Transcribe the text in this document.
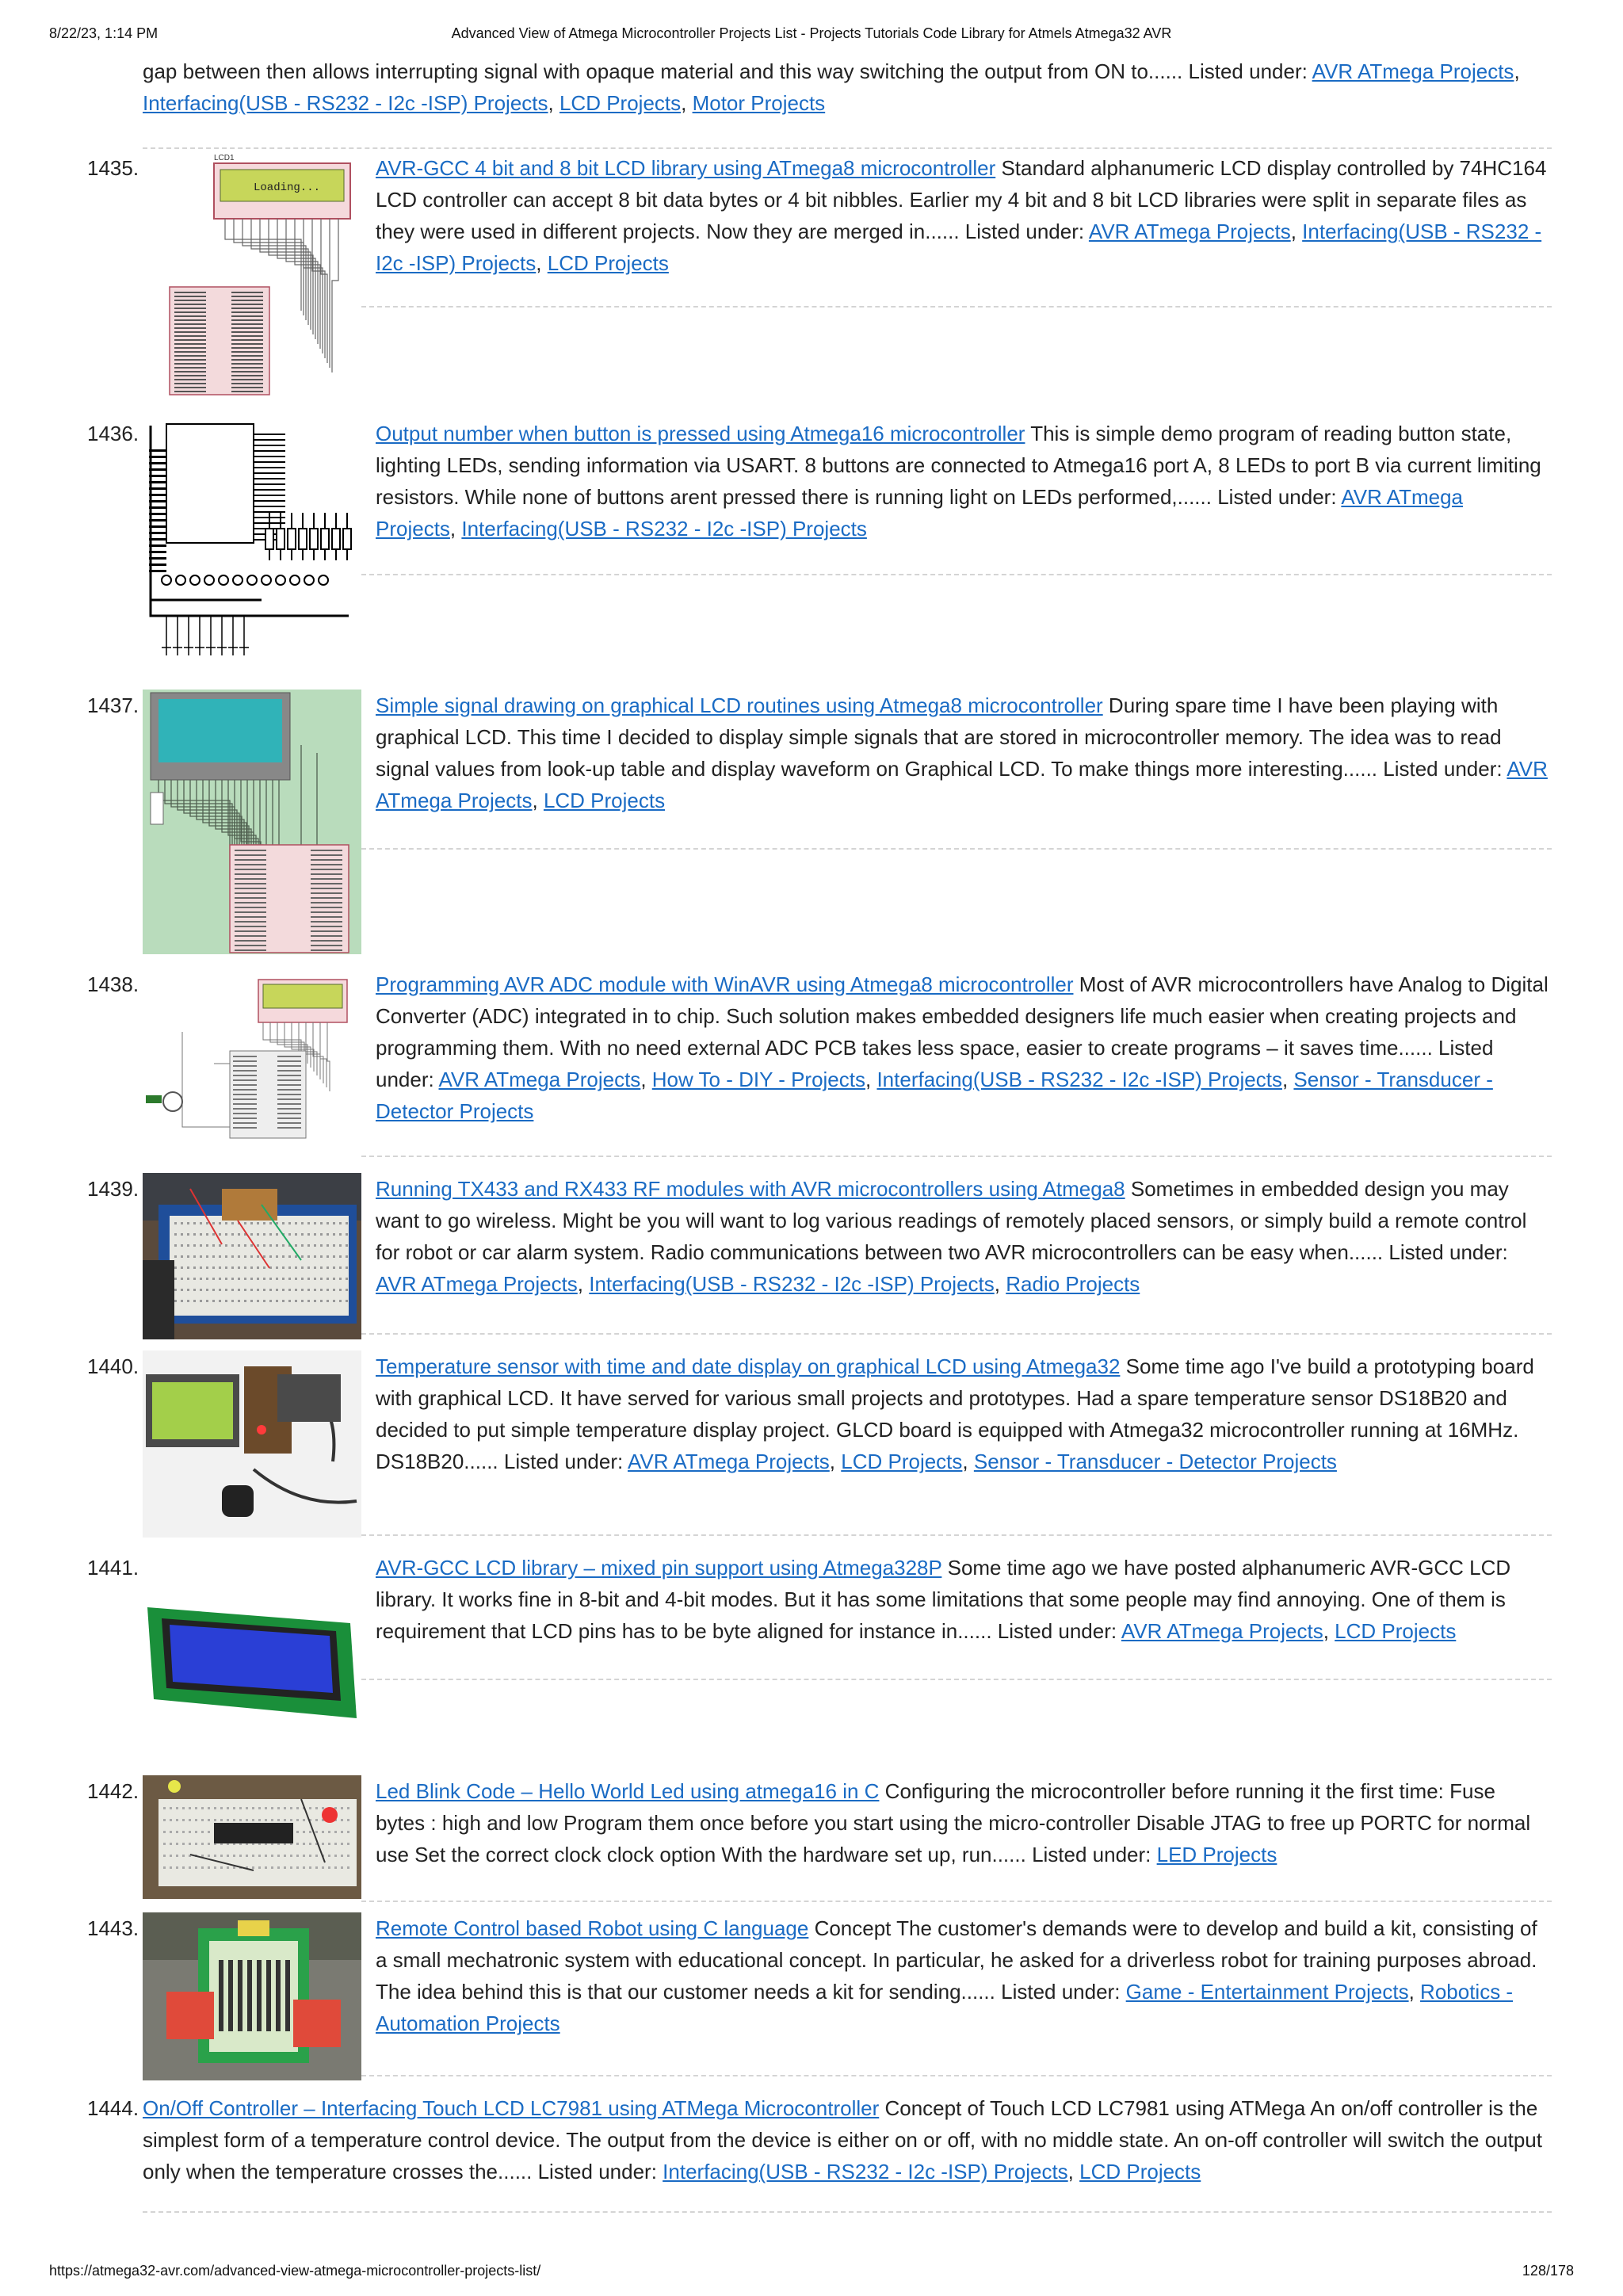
8/22/23, 1:14 PM	Advanced View of Atmega Microcontroller Projects List - Projects Tutorials Code Library for Atmels Atmega32 AVR
gap between then allows interrupting signal with opaque material and this way switching the output from ON to...... Listed under: AVR ATmega Projects, Interfacing(USB - RS232 - I2c -ISP) Projects, LCD Projects, Motor Projects
1435.	LCD1
Loading...
AVR-GCC 4 bit and 8 bit LCD library using ATmega8 microcontroller Standard alphanumeric LCD display controlled by 74HC164 LCD controller can accept 8 bit data bytes or 4 bit nibbles. Earlier my 4 bit and 8 bit LCD libraries were split in separate files as they were used in different projects. Now they are merged in...... Listed under: AVR ATmega Projects, Interfacing(USB - RS232 - I2c -ISP) Projects, LCD Projects
1436.	Output number when button is pressed using Atmega16 microcontroller This is simple demo program of reading button state, lighting LEDs, sending information via USART. 8 buttons are connected to Atmega16 port A, 8 LEDs to port B via current limiting resistors. While none of buttons arent pressed there is running light on LEDs performed,...... Listed under: AVR ATmega Projects, Interfacing(USB - RS232 - I2c -ISP) Projects
1437.	Simple signal drawing on graphical LCD routines using Atmega8 microcontroller During spare time I have been playing with graphical LCD. This time I decided to display simple signals that are stored in microcontroller memory. The idea was to read signal values from look-up table and display waveform on Graphical LCD. To make things more interesting...... Listed under: AVR ATmega Projects, LCD Projects
1438.	Programming AVR ADC module with WinAVR using Atmega8 microcontroller Most of AVR microcontrollers have Analog to Digital Converter (ADC) integrated in to chip. Such solution makes embedded designers life much easier when creating projects and programming them. With no need external ADC PCB takes less space, easier to create programs – it saves time...... Listed under: AVR ATmega Projects, How To - DIY - Projects, Interfacing(USB - RS232 - I2c -ISP) Projects, Sensor - Transducer - Detector Projects
1439.	Running TX433 and RX433 RF modules with AVR microcontrollers using Atmega8 Sometimes in embedded design you may want to go wireless. Might be you will want to log various readings of remotely placed sensors, or simply build a remote control for robot or car alarm system. Radio communications between two AVR microcontrollers can be easy when...... Listed under: AVR ATmega Projects, Interfacing(USB - RS232 - I2c -ISP) Projects, Radio Projects
1440.	Temperature sensor with time and date display on graphical LCD using Atmega32 Some time ago I've build a prototyping board with graphical LCD. It have served for various small projects and prototypes. Had a spare temperature sensor DS18B20 and decided to put simple temperature display project. GLCD board is equipped with Atmega32 microcontroller running at 16MHz. DS18B20...... Listed under: AVR ATmega Projects, LCD Projects, Sensor - Transducer - Detector Projects
1441.	AVR-GCC LCD library – mixed pin support using Atmega328P Some time ago we have posted alphanumeric AVR-GCC LCD library. It works fine in 8-bit and 4-bit modes. But it has some limitations that some people may find annoying. One of them is requirement that LCD pins has to be byte aligned for instance in...... Listed under: AVR ATmega Projects, LCD Projects
1442.	Led Blink Code – Hello World Led using atmega16 in C Configuring the microcontroller before running it the first time: Fuse bytes : high and low Program them once before you start using the micro-controller Disable JTAG to free up PORTC for normal use Set the correct clock clock option With the hardware set up, run...... Listed under: LED Projects
1443.	Remote Control based Robot using C language Concept The customer's demands were to develop and build a kit, consisting of a small mechatronic system with educational concept. In particular, he asked for a driverless robot for training purposes abroad. The idea behind this is that our customer needs a kit for sending...... Listed under: Game - Entertainment Projects, Robotics - Automation Projects
1444. On/Off Controller – Interfacing Touch LCD LC7981 using ATMega Microcontroller Concept of Touch LCD LC7981 using ATMega An on/off controller is the simplest form of a temperature control device. The output from the device is either on or off, with no middle state. An on-off controller will switch the output only when the temperature crosses the...... Listed under: Interfacing(USB - RS232 - I2c -ISP) Projects, LCD Projects
https://atmega32-avr.com/advanced-view-atmega-microcontroller-projects-list/	128/178
